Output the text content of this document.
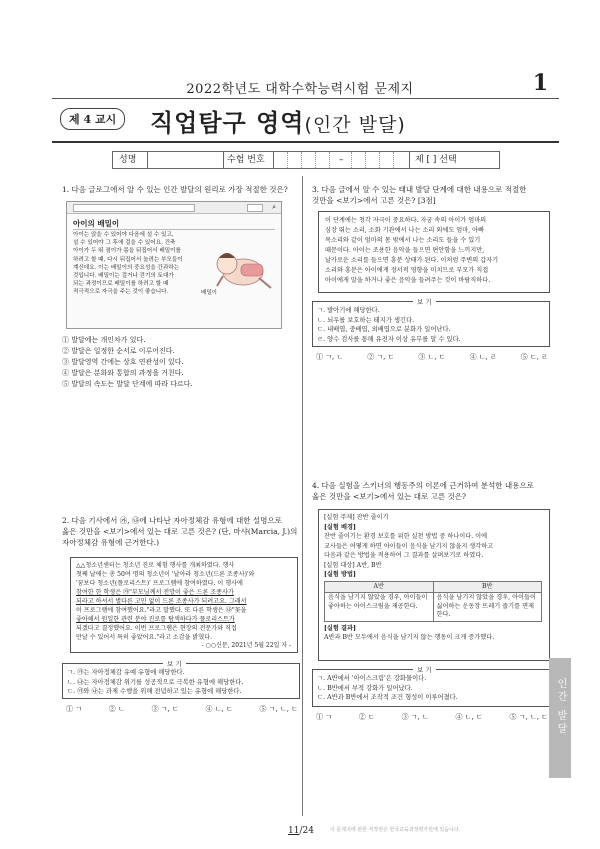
2022학년도 대학수학능력시험 문제지	1
제 4 교시	직업탐구 영역(인간 발달)
성명	수험 번호	–	제 [ ] 선택
1. 다음 글로그에서 알 수 있는 인간 발달의 원리로 가장 적절한 것은?
⌕
아이의 배밀이
아이는 앉을 수 있어야 다음에 설 수 있고,
설 수 있어야 그 후에 걸을 수 있어요. 건축
아이가 두 뛰 점이가 몸을 뒤집어서 배밀이를
하려고 할 때, 다시 뒤집어서 놀려는 부모들이
계신데요. 이는 배밀이의 중요성을 간과하는
것입니다. 배밀이는 걸거나 걷기의 토대가
되는 과정이므로 배밀이를 하려고 할 때
적극적으로 자극을 주는 것이 좋습니다.	배밀이
① 발달에는 개인차가 있다.
② 발달은 일정한 순서로 이루어진다.
③ 발달영역 간에는 상호 연관성이 있다.
④ 발달은 분화와 통합의 과정을 거친다.
⑤ 발달의 속도는 발달 단계에 따라 다르다.
2. 다음 기사에서 ㉮, ㉯에 나타난 자아정체감 유형에 대한 설명으로
옳은 것만을 <보기>에서 있는 대로 고른 것은? (단, 마샤(Marcia, J.)의
자아정체감 유형에 근거한다.)
△△청소년센터는 청소년 진로 체험 행사를 개최하였다. 행사
첫째 날에는 총 50여 명의 청소년이 '날아라 청소년(드론 조종사)'와
'꿈보다 청소년(플로리스트)' 프로그램에 참여하였다. 이 행사에
참여한 한 학생은 ㉮"부모님께서 전망이 좋은 드론 조종사가
되라고 하셔서 별다른 고민 없이 드론 조종사가 되려고요. 그래서
이 프로그램에 참여했어요."라고 말했다. 또 다른 학생은 ㉯"꽃을
좋아해서 원일한 관련 분야 진로를 탐색하다가 플로리스트가
되겠다고 결정했어요. 이번 프로그램은 현장의 전문가와 직접
만날 수 있어서 특히 좋았어요."라고 소감을 밝혔다.
- ○○신문, 2021년 5월 22일 자 -
보 기
ㄱ. ㉮는 자아정체감 유예 유형에 해당한다.
ㄴ. ㉯는 자아정체감 위기를 성공적으로 극복한 유형에 해당한다.
ㄷ. ㉮와 ㉯는 과제 수행을 위해 전념하고 있는 유형에 해당한다.
① ㄱ	② ㄴ	③ ㄱ, ㄷ	④ ㄴ, ㄷ	⑤ ㄱ, ㄴ, ㄷ
3. 다음 글에서 알 수 있는 태내 발달 단계에 대한 내용으로 적절한
것만을 <보기>에서 고른 것은? [3점]
이 단계에는 청각 자극이 중요하다. 자궁 속의 아이가 엄마의
심장 뛰는 소리, 소화 기관에서 나는 소리 외에도 엄마, 아빠
목소리와 같이 엄마의 몸 밖에서 나는 소리도 들을 수 있기
때문이다. 아이는 조용한 음악을 들으면 편안함을 느끼지만,
날카로운 소리를 들으면 흥분 상태가 된다. 이처럼 주변의 갑자기
소리와 흥분은 아이에게 정서적 영향을 미치므로 부모가 직접
아이에게 말을 하거나 좋은 음악을 들려주는 것이 바람직하다.
보 기
ㄱ. 발아기에 해당한다.
ㄴ. 뇌우를 보호하는 태지가 생긴다.
ㄷ. 내배엽, 중배엽, 외배엽으로 분화가 일어난다.
ㄹ. 양수 검사를 통해 유전자 이상 유무를 알 수 있다.
① ㄱ, ㄴ	② ㄱ, ㄷ	③ ㄴ, ㄷ	④ ㄴ, ㄹ	⑤ ㄷ, ㄹ
4. 다음 실험을 스키너의 행동주의 이론에 근거하여 분석한 내용으로
옳은 것만을 <보기>에서 있는 대로 고른 것은?
[실험 주제] 잔반 줄이기
[실험 배경]
잔반 줄이기는 환경 보호를 위한 실천 방법 중 하나이다. 이에
교사들은 어떻게 하면 아이들이 음식을 남기지 않을지 생각하고
다음과 같은 방법을 적용하여 그 결과를 살펴보기로 하였다.
[실험 대상] A반, B반
[실험 방법]
A반	B반
음식을 남기지 않았을 경우, 아이들이 좋아하는 아이스크림을 제공한다.	음식을 남기지 않았을 경우, 아이들이 싫어하는 운동장 뜨레기 줍기를 면제한다.
[실험 결과]
A반과 B반 모두에서 음식을 남기지 않는 행동이 크게 증가했다.
보 기
ㄱ. A반에서 '아이스크림'은 강화물이다.
ㄴ. B반에서 부적 강화가 일어났다.
ㄷ. A반과 B반에서 조작적 조건 형성이 이루어졌다.
① ㄱ	② ㄷ	③ ㄱ, ㄴ	④ ㄴ, ㄷ	⑤ ㄱ, ㄴ, ㄷ 인간 발달
11/24	이 문제지에 관한 저작권은 한국교육과정평가원에 있습니다.
